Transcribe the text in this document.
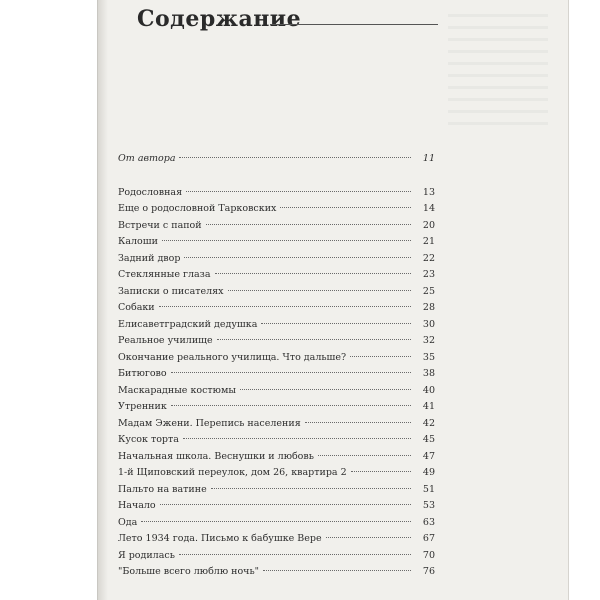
Содержание
От автора	11
Родословная	13
Еще о родословной Тарковских	14
Встречи с папой	20
Калоши	21
Задний двор	22
Стеклянные глаза	23
Записки о писателях	25
Собаки	28
Елисаветградский дедушка	30
Реальное училище	32
Окончание реального училища. Что дальше?	35
Битюгово	38
Маскарадные костюмы	40
Утренник	41
Мадам Эжени. Перепись населения	42
Кусок торта	45
Начальная школа. Веснушки и любовь	47
1-й Щиповский переулок, дом 26, квартира 2	49
Пальто на ватине	51
Начало	53
Ода	63
Лето 1934 года. Письмо к бабушке Вере	67
Я родилась	70
"Больше всего люблю ночь"	76
